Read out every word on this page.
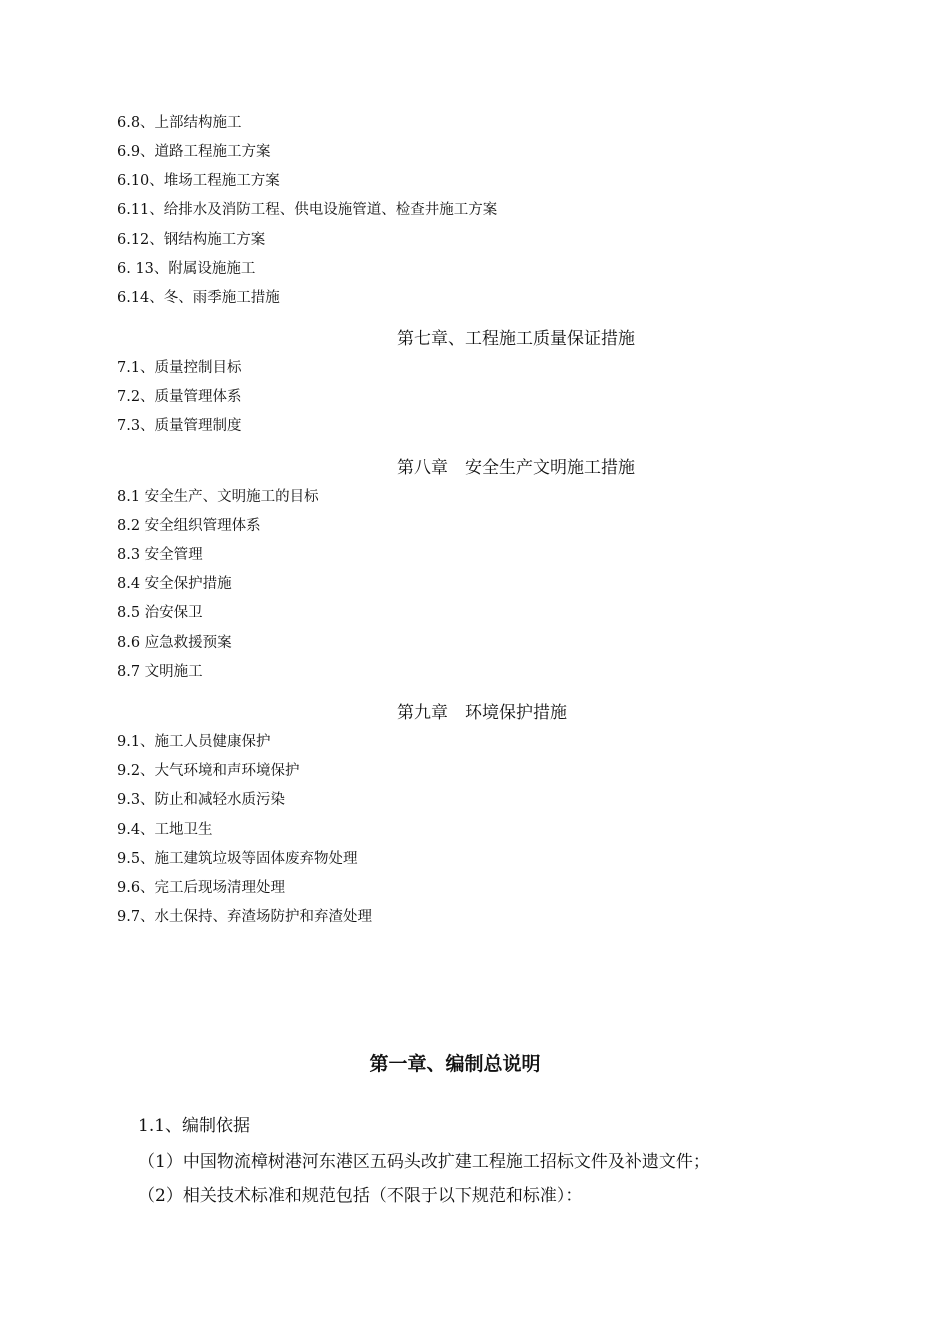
6.8、上部结构施工
6.9、道路工程施工方案
6.10、堆场工程施工方案
6.11、给排水及消防工程、供电设施管道、检查井施工方案
6.12、钢结构施工方案
6. 13、附属设施施工
6.14、冬、雨季施工措施
第七章、工程施工质量保证措施
7.1、质量控制目标
7.2、质量管理体系
7.3、质量管理制度
第八章　安全生产文明施工措施
8.1 安全生产、文明施工的目标
8.2 安全组织管理体系
8.3 安全管理
8.4 安全保护措施
8.5 治安保卫
8.6 应急救援预案
8.7 文明施工
第九章　环境保护措施
9.1、施工人员健康保护
9.2、大气环境和声环境保护
9.3、防止和减轻水质污染
9.4、工地卫生
9.5、施工建筑垃圾等固体废弃物处理
9.6、完工后现场清理处理
9.7、水土保持、弃渣场防护和弃渣处理
第一章、编制总说明
1.1、编制依据
（1）中国物流樟树港河东港区五码头改扩建工程施工招标文件及补遗文件；
（2）相关技术标准和规范包括（不限于以下规范和标准）：
